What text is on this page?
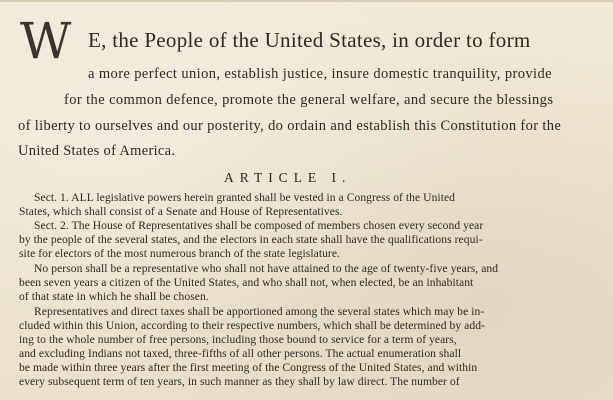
W E, the People of the United States, in order to form
a more perfect union, establish justice, insure domestic tranquility, provide
for the common defence, promote the general welfare, and secure the blessings
of liberty to ourselves and our posterity, do ordain and establish this Constitution for the
United States of America.
ARTICLE I.
Sect. 1. ALL legislative powers herein granted shall be vested in a Congress of the United
States, which shall consist of a Senate and House of Representatives.
Sect. 2. The House of Representatives shall be composed of members chosen every second year
by the people of the several states, and the electors in each state shall have the qualifications requi-
site for electors of the most numerous branch of the state legislature.
No person shall be a representative who shall not have attained to the age of twenty-five years, and
been seven years a citizen of the United States, and who shall not, when elected, be an inhabitant
of that state in which he shall be chosen.
Representatives and direct taxes shall be apportioned among the several states which may be in-
cluded within this Union, according to their respective numbers, which shall be determined by add-
ing to the whole number of free persons, including those bound to service for a term of years,
and excluding Indians not taxed, three-fifths of all other persons. The actual enumeration shall
be made within three years after the first meeting of the Congress of the United States, and within
every subsequent term of ten years, in such manner as they shall by law direct. The number of
